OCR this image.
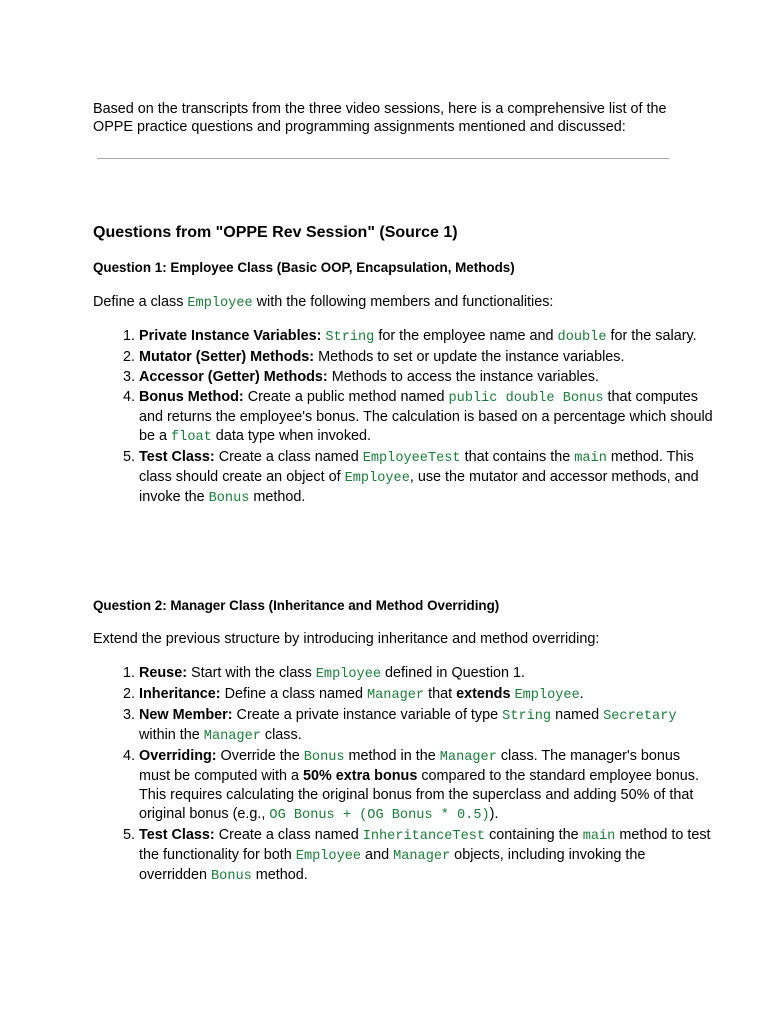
Based on the transcripts from the three video sessions, here is a comprehensive list of the OPPE practice questions and programming assignments mentioned and discussed:

Questions from "OPPE Rev Session" (Source 1)
Question 1: Employee Class (Basic OOP, Encapsulation, Methods)

Define a class Employee with the following members and functionalities:

1. Private Instance Variables: String for the employee name and double for the salary.
2. Mutator (Setter) Methods: Methods to set or update the instance variables.
3. Accessor (Getter) Methods: Methods to access the instance variables.
4. Bonus Method: Create a public method named public double Bonus that computes and returns the employee's bonus. The calculation is based on a percentage which should be a float data type when invoked.
5. Test Class: Create a class named EmployeeTest that contains the main method. This class should create an object of Employee, use the mutator and accessor methods, and invoke the Bonus method.
Question 2: Manager Class (Inheritance and Method Overriding)

Extend the previous structure by introducing inheritance and method overriding:

1. Reuse: Start with the class Employee defined in Question 1.
2. Inheritance: Define a class named Manager that extends Employee.
3. New Member: Create a private instance variable of type String named Secretary within the Manager class.
4. Overriding: Override the Bonus method in the Manager class. The manager's bonus must be computed with a 50% extra bonus compared to the standard employee bonus. This requires calculating the original bonus from the superclass and adding 50% of that original bonus (e.g., OG Bonus + (OG Bonus * 0.5)).
5. Test Class: Create a class named InheritanceTest containing the main method to test the functionality for both Employee and Manager objects, including invoking the overridden Bonus method.
